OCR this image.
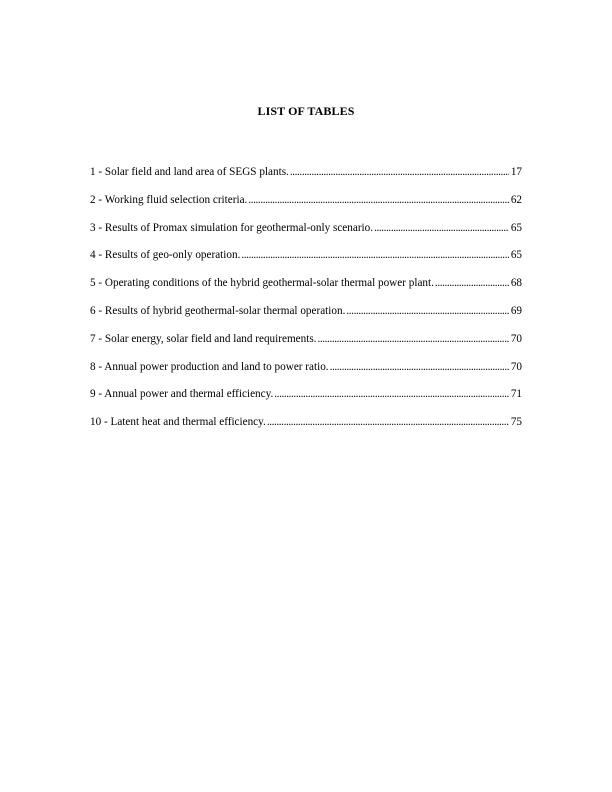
LIST OF TABLES
1 - Solar field and land area of SEGS plants. . . .	17
2 - Working fluid selection criteria. . . .	62
3 - Results of Promax simulation for geothermal-only scenario. . . .	65
4 - Results of geo-only operation. . . .	65
5 - Operating conditions of the hybrid geothermal-solar thermal power plant. . . .	68
6 - Results of hybrid geothermal-solar thermal operation. . . .	69
7 - Solar energy, solar field and land requirements. . . .	70
8 - Annual power production and land to power ratio. . . .	70
9 - Annual power and thermal efficiency. . . .	71
10 - Latent heat and thermal efficiency. . . .	75
